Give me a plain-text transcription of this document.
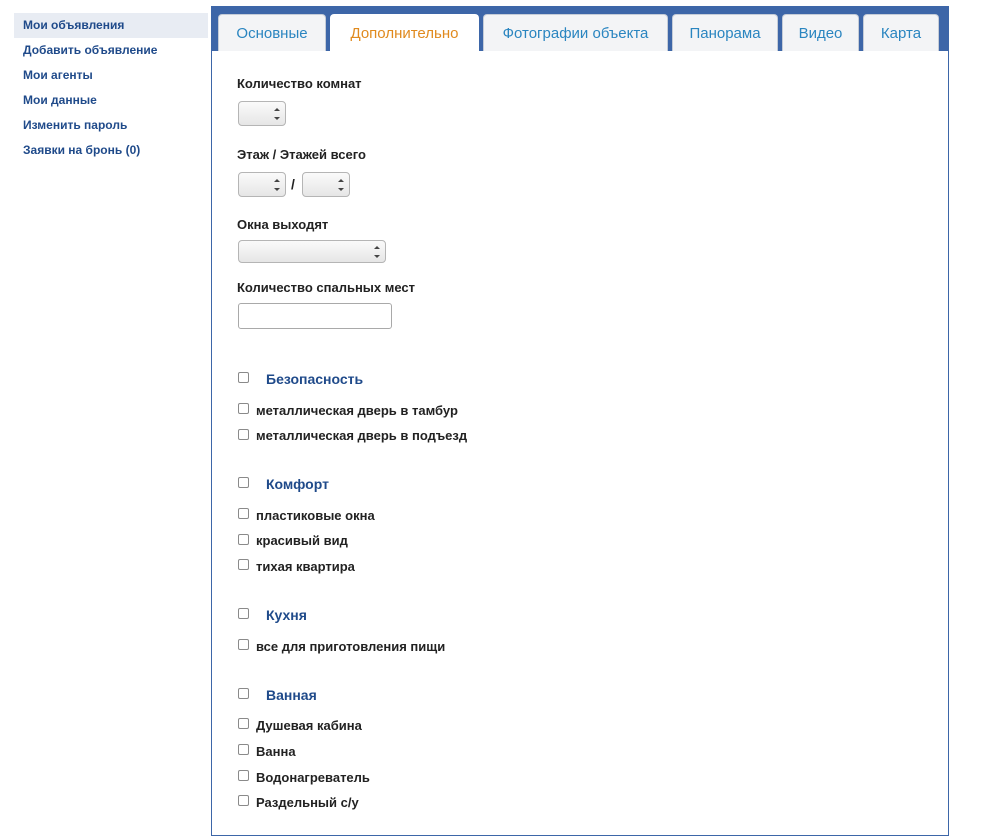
Мои объявления
Добавить объявление
Мои агенты
Мои данные
Изменить пароль
Заявки на бронь (0)
Основные	Дополнительно	Фотографии объекта	Панорама	Видео	Карта
Количество комнат
Этаж / Этажей всего
/
Окна выходят
Количество спальных мест
Безопасность
металлическая дверь в тамбур
металлическая дверь в подъезд
Комфорт
пластиковые окна
красивый вид
тихая квартира
Кухня
все для приготовления пищи
Ванная
Душевая кабина
Ванна
Водонагреватель
Раздельный с/у
